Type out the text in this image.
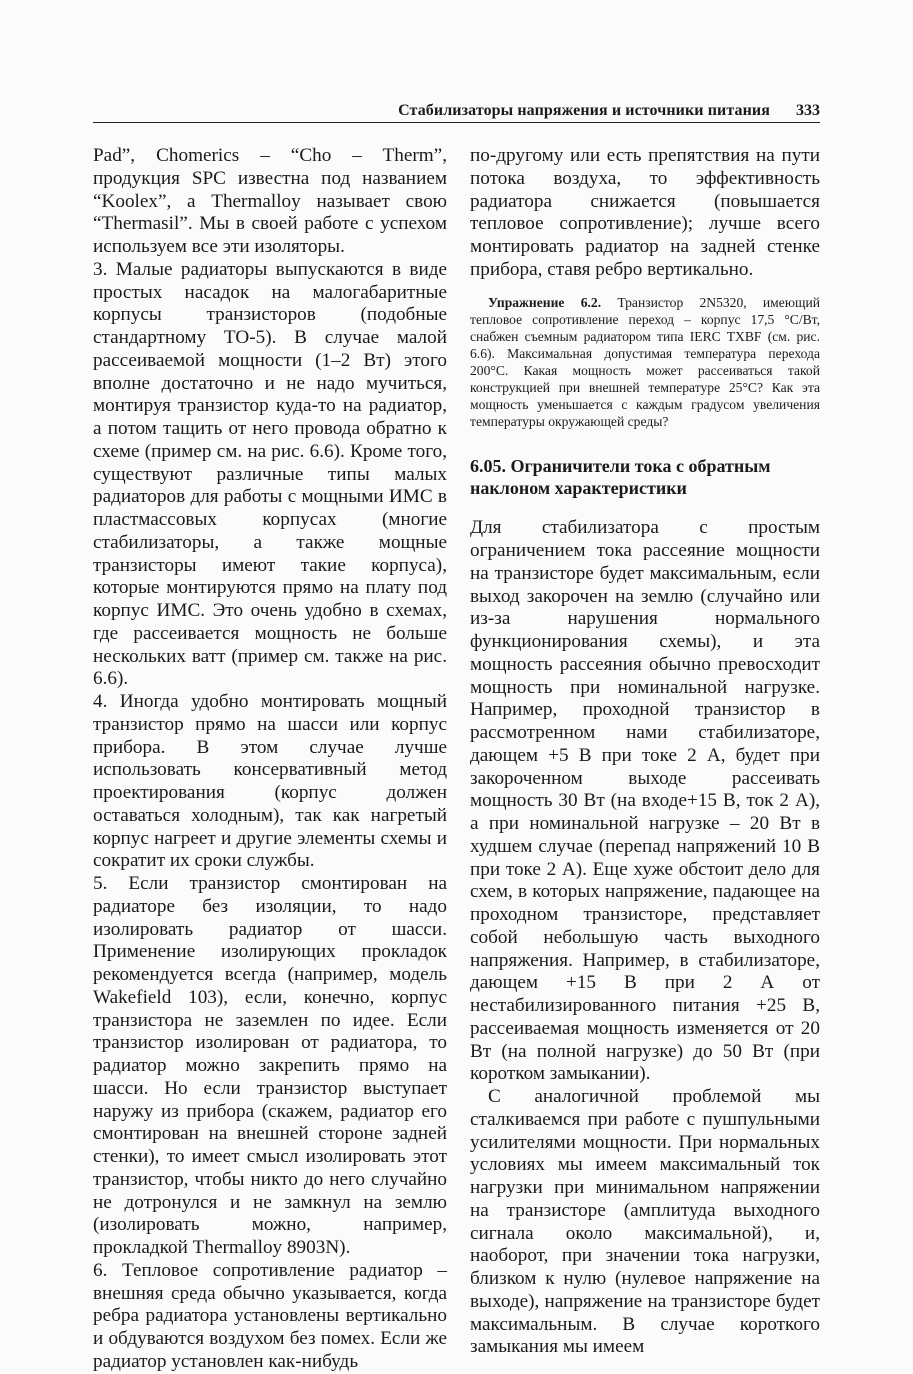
Стабилизаторы напряжения и источники питания 333

Pad”, Chomerics – “Cho – Therm”, продукция SPC известна под названием “Koolex”, а Thermalloy называет свою “Thermasil”. Мы в своей работе с успехом используем все эти изоляторы.

3. Малые радиаторы выпускаются в виде простых насадок на малогабаритные корпусы транзисторов (подобные стандартному ТО-5). В случае малой рассеиваемой мощности (1–2 Вт) этого вполне достаточно и не надо мучиться, монтируя транзистор куда-то на радиатор, а потом тащить от него провода обратно к схеме (пример см. на рис. 6.6). Кроме того, существуют различные типы малых радиаторов для работы с мощными ИМС в пластмассовых корпусах (многие стабилизаторы, а также мощные транзисторы имеют такие корпуса), которые монтируются прямо на плату под корпус ИМС. Это очень удобно в схемах, где рассеивается мощность не больше нескольких ватт (пример см. также на рис. 6.6).

4. Иногда удобно монтировать мощный транзистор прямо на шасси или корпус прибора. В этом случае лучше использовать консервативный метод проектирования (корпус должен оставаться холодным), так как нагретый корпус нагреет и другие элементы схемы и сократит их сроки службы.

5. Если транзистор смонтирован на радиаторе без изоляции, то надо изолировать радиатор от шасси. Применение изолирующих прокладок рекомендуется всегда (например, модель Wakefield 103), если, конечно, корпус транзистора не заземлен по идее. Если транзистор изолирован от радиатора, то радиатор можно закрепить прямо на шасси. Но если транзистор выступает наружу из прибора (скажем, радиатор его смонтирован на внешней стороне задней стенки), то имеет смысл изолировать этот транзистор, чтобы никто до него случайно не дотронулся и не замкнул на землю (изолировать можно, например, прокладкой Thermalloy 8903N).

6. Тепловое сопротивление радиатор – внешняя среда обычно указывается, когда ребра радиатора установлены вертикально и обдуваются воздухом без помех. Если же радиатор установлен как-нибудь

по-другому или есть препятствия на пути потока воздуха, то эффективность радиатора снижается (повышается тепловое сопротивление); лучше всего монтировать радиатор на задней стенке прибора, ставя ребро вертикально.

Упражнение 6.2. Транзистор 2N5320, имеющий тепловое сопротивление переход – корпус 17,5 °С/Вт, снабжен съемным радиатором типа IERC TXBF (см. рис. 6.6). Максимальная допустимая температура перехода 200°С. Какая мощность может рассеиваться такой конструкцией при внешней температуре 25°С? Как эта мощность уменьшается с каждым градусом увеличения температуры окружающей среды?

6.05. Ограничители тока с обратным наклоном характеристики

Для стабилизатора с простым ограничением тока рассеяние мощности на транзисторе будет максимальным, если выход закорочен на землю (случайно или из-за нарушения нормального функционирования схемы), и эта мощность рассеяния обычно превосходит мощность при номинальной нагрузке. Например, проходной транзистор в рассмотренном нами стабилизаторе, дающем +5 В при токе 2 А, будет при закороченном выходе рассеивать мощность 30 Вт (на входе+15 В, ток 2 А), а при номинальной нагрузке – 20 Вт в худшем случае (перепад напряжений 10 В при токе 2 А). Еще хуже обстоит дело для схем, в которых напряжение, падающее на проходном транзисторе, представляет собой небольшую часть выходного напряжения. Например, в стабилизаторе, дающем +15 В при 2 А от нестабилизированного питания +25 В, рассеиваемая мощность изменяется от 20 Вт (на полной нагрузке) до 50 Вт (при коротком замыкании).

С аналогичной проблемой мы сталкиваемся при работе с пушпульными усилителями мощности. При нормальных условиях мы имеем максимальный ток нагрузки при минимальном напряжении на транзисторе (амплитуда выходного сигнала около максимальной), и, наоборот, при значении тока нагрузки, близком к нулю (нулевое напряжение на выходе), напряжение на транзисторе будет максимальным. В случае короткого замыкания мы имеем
